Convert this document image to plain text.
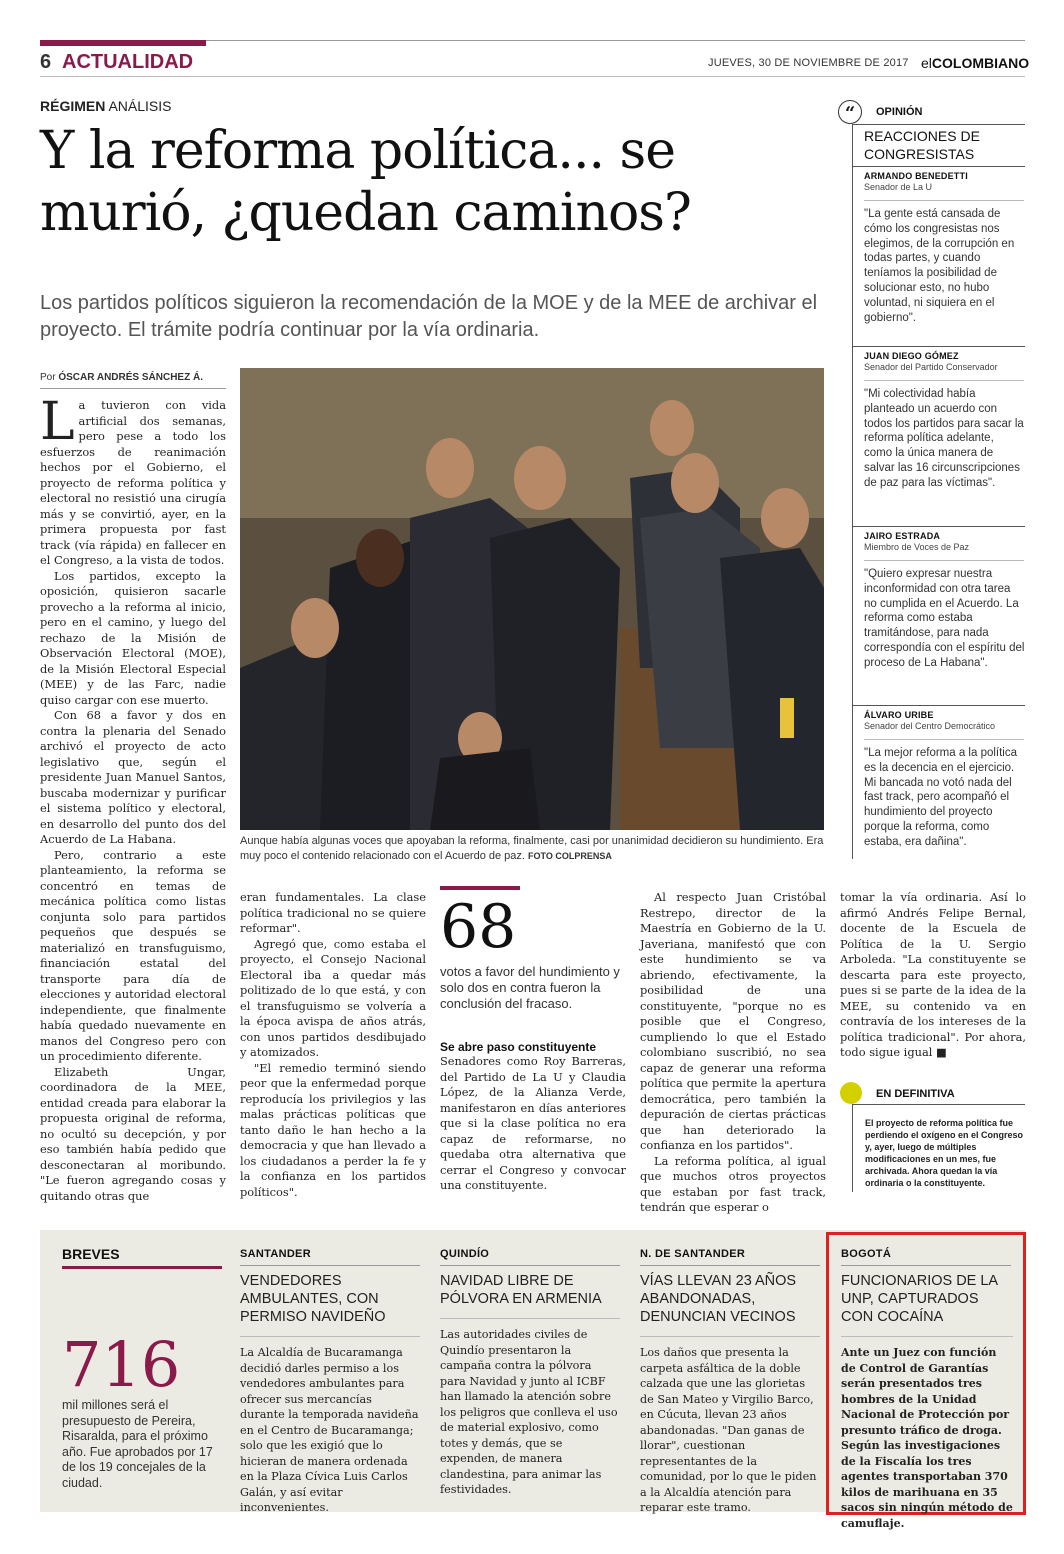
6 ACTUALIDAD	JUEVES, 30 DE NOVIEMBRE DE 2017 elCOLOMBIANO
RÉGIMEN ANÁLISIS
Y la reforma política... se murió, ¿quedan caminos?
Los partidos políticos siguieron la recomendación de la MOE y de la MEE de archivar el proyecto. El trámite podría continuar por la vía ordinaria.
Por ÓSCAR ANDRÉS SÁNCHEZ Á.

La tuvieron con vida artificial dos semanas, pero pese a todo los esfuerzos de reanimación hechos por el Gobierno, el proyecto de reforma política y electoral no resistió una cirugía más y se convirtió, ayer, en la primera propuesta por fast track (vía rápida) en fallecer en el Congreso, a la vista de todos.

Los partidos, excepto la oposición, quisieron sacarle provecho a la reforma al inicio, pero en el camino, y luego del rechazo de la Misión de Observación Electoral (MOE), de la Misión Electoral Especial (MEE) y de las Farc, nadie quiso cargar con ese muerto.

Con 68 a favor y dos en contra la plenaria del Senado archivó el proyecto de acto legislativo que, según el presidente Juan Manuel Santos, buscaba modernizar y purificar el sistema político y electoral, en desarrollo del punto dos del Acuerdo de La Habana.

Pero, contrario a este planteamiento, la reforma se concentró en temas de mecánica política como listas conjunta solo para partidos pequeños que después se materializó en transfuguismo, financiación estatal del transporte para día de elecciones y autoridad electoral independiente, que finalmente había quedado nuevamente en manos del Congreso pero con un procedimiento diferente.

Elizabeth Ungar, coordinadora de la MEE, entidad creada para elaborar la propuesta original de reforma, no ocultó su decepción, y por eso también había pedido que desconectaran al moribundo. "Le fueron agregando cosas y quitando otras que

Aunque había algunas voces que apoyaban la reforma, finalmente, casi por unanimidad decidieron su hundimiento. Era muy poco el contenido relacionado con el Acuerdo de paz. FOTO COLPRENSA

eran fundamentales. La clase política tradicional no se quiere reformar".

Agregó que, como estaba el proyecto, el Consejo Nacional Electoral iba a quedar más politizado de lo que está, y con el transfuguismo se volvería a la época avispa de años atrás, con unos partidos desdibujado y atomizados.

"El remedio terminó siendo peor que la enfermedad porque reproducía los privilegios y las malas prácticas políticas que tanto daño le han hecho a la democracia y que han llevado a los ciudadanos a perder la fe y la confianza en los partidos políticos".

68
votos a favor del hundimiento y solo dos en contra fueron la conclusión del fracaso.
Se abre paso constituyente

Senadores como Roy Barreras, del Partido de La U y Claudia López, de la Alianza Verde, manifestaron en días anteriores que si la clase política no era capaz de reformarse, no quedaba otra alternativa que cerrar el Congreso y convocar una constituyente.

Al respecto Juan Cristóbal Restrepo, director de la Maestría en Gobierno de la U. Javeriana, manifestó que con este hundimiento se va abriendo, efectivamente, la posibilidad de una constituyente, "porque no es posible que el Congreso, cumpliendo lo que el Estado colombiano suscribió, no sea capaz de generar una reforma política que permite la apertura democrática, pero también la depuración de ciertas prácticas que han deteriorado la confianza en los partidos".

La reforma política, al igual que muchos otros proyectos que estaban por fast track, tendrán que esperar o

tomar la vía ordinaria. Así lo afirmó Andrés Felipe Bernal, docente de la Escuela de Política de la U. Sergio Arboleda. "La constituyente se descarta para este proyecto, pues si se parte de la idea de la MEE, su contenido va en contravía de los intereses de la política tradicional". Por ahora, todo sigue igual ■

“	OPINIÓN
REACCIONES DE CONGRESISTAS
ARMANDO BENEDETTI
Senador de La U
"La gente está cansada de cómo los congresistas nos elegimos, de la corrupción en todas partes, y cuando teníamos la posibilidad de solucionar esto, no hubo voluntad, ni siquiera en el gobierno".
JUAN DIEGO GÓMEZ
Senador del Partido Conservador
"Mi colectividad había planteado un acuerdo con todos los partidos para sacar la reforma política adelante, como la única manera de salvar las 16 circunscripciones de paz para las víctimas".
JAIRO ESTRADA
Miembro de Voces de Paz
"Quiero expresar nuestra inconformidad con otra tarea no cumplida en el Acuerdo. La reforma como estaba tramitándose, para nada correspondía con el espíritu del proceso de La Habana".
ÁLVARO URIBE
Senador del Centro Democrático
"La mejor reforma a la política es la decencia en el ejercicio. Mi bancada no votó nada del fast track, pero acompañó el hundimiento del proyecto porque la reforma, como estaba, era dañina".
EN DEFINITIVA
El proyecto de reforma política fue perdiendo el oxígeno en el Congreso y, ayer, luego de múltiples modificaciones en un mes, fue archivada. Ahora quedan la vía ordinaria o la constituyente.
BREVES
716
mil millones será el presupuesto de Pereira, Risaralda, para el próximo año. Fue aprobados por 17 de los 19 concejales de la ciudad.
SANTANDER
VENDEDORES AMBULANTES, CON PERMISO NAVIDEÑO
La Alcaldía de Bucaramanga decidió darles permiso a los vendedores ambulantes para ofrecer sus mercancías durante la temporada navideña en el Centro de Bucaramanga; solo que les exigió que lo hicieran de manera ordenada en la Plaza Cívica Luis Carlos Galán, y así evitar inconvenientes.
QUINDÍO
NAVIDAD LIBRE DE PÓLVORA EN ARMENIA
Las autoridades civiles de Quindío presentaron la campaña contra la pólvora para Navidad y junto al ICBF han llamado la atención sobre los peligros que conlleva el uso de material explosivo, como totes y demás, que se expenden, de manera clandestina, para animar las festividades.
N. DE SANTANDER
VÍAS LLEVAN 23 AÑOS ABANDONADAS, DENUNCIAN VECINOS
Los daños que presenta la carpeta asfáltica de la doble calzada que une las glorietas de San Mateo y Virgilio Barco, en Cúcuta, llevan 23 años abandonadas. "Dan ganas de llorar", cuestionan representantes de la comunidad, por lo que le piden a la Alcaldía atención para reparar este tramo.
BOGOTÁ
FUNCIONARIOS DE LA UNP, CAPTURADOS CON COCAÍNA
Ante un Juez con función de Control de Garantías serán presentados tres hombres de la Unidad Nacional de Protección por presunto tráfico de droga. Según las investigaciones de la Fiscalía los tres agentes transportaban 370 kilos de marihuana en 35 sacos sin ningún método de camuflaje.
